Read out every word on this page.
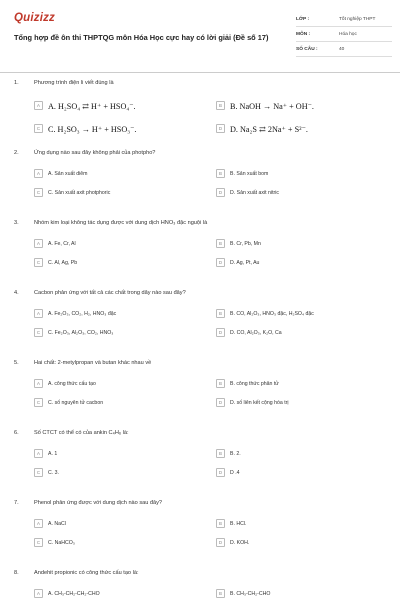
Quizizz
Tổng hợp đề ôn thi THPTQG môn Hóa Học cực hay có lời giải (Đề số 17)
LỚP :	Tốt nghiệp THPT
MÔN :	Hóa học
SỐ CÂU :	40
1.	Phương trình điện li viết đúng là
A A. H₂SO₄ ⇄ H⁺ + HSO₄⁻.	B B. NaOH → Na⁺ + OH⁻.
C C. H₂SO₃ → H⁺ + HSO₃⁻.	D D. Na₂S ⇄ 2Na⁺ + S²⁻.
2.	Ứng dụng nào sau đây không phải của photpho?
A	A. Sản xuất diêm	B	B. Sản xuất bom
C	C. Sản xuất axit photphoric	D	D. Sản xuất axit nitric
3.	Nhóm kim loại không tác dụng được với dung dịch HNO₃ đặc nguội là
A	A. Fe, Cr, Al	B	B. Cr, Pb, Mn
C	C. Al, Ag, Pb	D	D. Ag, Pt, Au
4.	Cacbon phản ứng với tất cả các chất trong dãy nào sau đây?
A	A. Fe₂O₃, CO₂, H₂, HNO₃ đặc	B	B. CO, Al₂O₃, HNO₃ đặc, H₂SO₄ đặc
C	C. Fe₂O₃, Al₂O₃, CO₂, HNO₃	D	D. CO, Al₂O₃, K₂O, Ca
5.	Hai chất: 2-metylpropan và butan khác nhau về
A	A. công thức cấu tạo	B	B. công thức phân tử
C	C. số nguyên tử cacbon	D	D. số liên kết cộng hóa trị
6.	Số CTCT có thể có của ankin C₄H₆ là:
A	A. 1	B	B. 2.
C	C. 3.	D	D .4
7.	Phenol phản ứng được với dung dịch nào sau đây?
A	A. NaCl	B	B. HCl.
C	C. NaHCO₃	D	D. KOH.
8.	Andehit propionic có công thức cấu tạo là:
A	A. CH₃-CH₂-CH₂-CHO	B	B. CH₃-CH₂-CHO
